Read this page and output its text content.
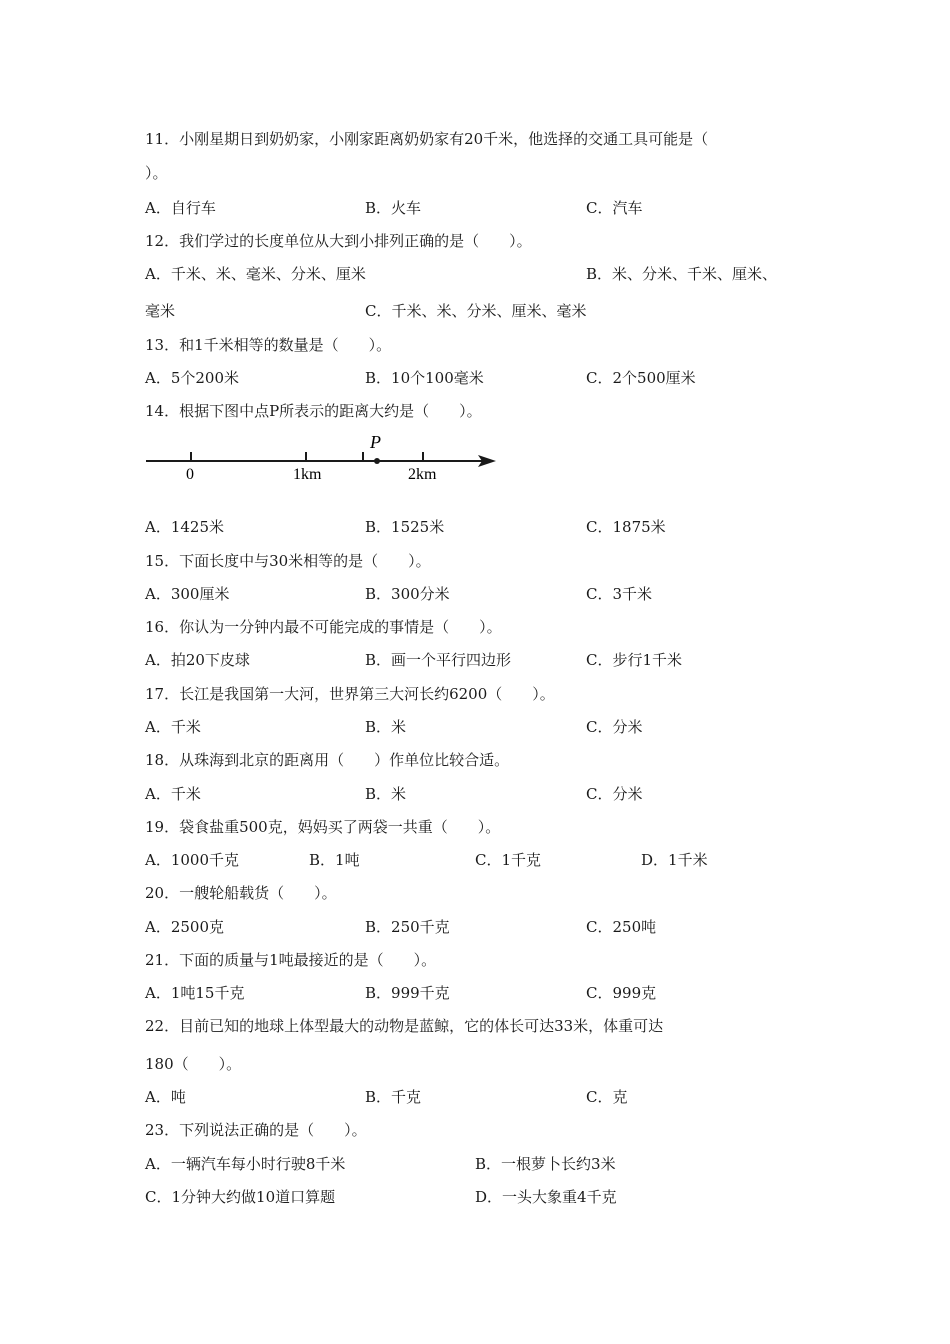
11．小刚星期日到奶奶家，小刚家距离奶奶家有20千米，他选择的交通工具可能是（
）。
A．自行车	B．火车	C．汽车
12．我们学过的长度单位从大到小排列正确的是（　　）。
A．千米、米、毫米、分米、厘米	B．米、分米、千米、厘米、
毫米	C．千米、米、分米、厘米、毫米
13．和1千米相等的数量是（　　）。
A．5个200米	B．10个100毫米	C．2个500厘米
14．根据下图中点P所表示的距离大约是（　　）。
P
0	1km	2km
A．1425米	B．1525米	C．1875米
15．下面长度中与30米相等的是（　　）。
A．300厘米	B．300分米	C．3千米
16．你认为一分钟内最不可能完成的事情是（　　）。
A．拍20下皮球	B．画一个平行四边形	C．步行1千米
17．长江是我国第一大河，世界第三大河长约6200（　　）。
A．千米	B．米	C．分米
18．从珠海到北京的距离用（　　）作单位比较合适。
A．千米	B．米	C．分米
19．袋食盐重500克，妈妈买了两袋一共重（　　）。
A．1000千克	B．1吨	C．1千克	D．1千米
20．一艘轮船载货（　　）。
A．2500克	B．250千克	C．250吨
21．下面的质量与1吨最接近的是（　　）。
A．1吨15千克	B．999千克	C．999克
22．目前已知的地球上体型最大的动物是蓝鲸，它的体长可达33米，体重可达
180（　　）。
A．吨	B．千克	C．克
23．下列说法正确的是（　　）。
A．一辆汽车每小时行驶8千米	B．一根萝卜长约3米
C．1分钟大约做10道口算题	D．一头大象重4千克
